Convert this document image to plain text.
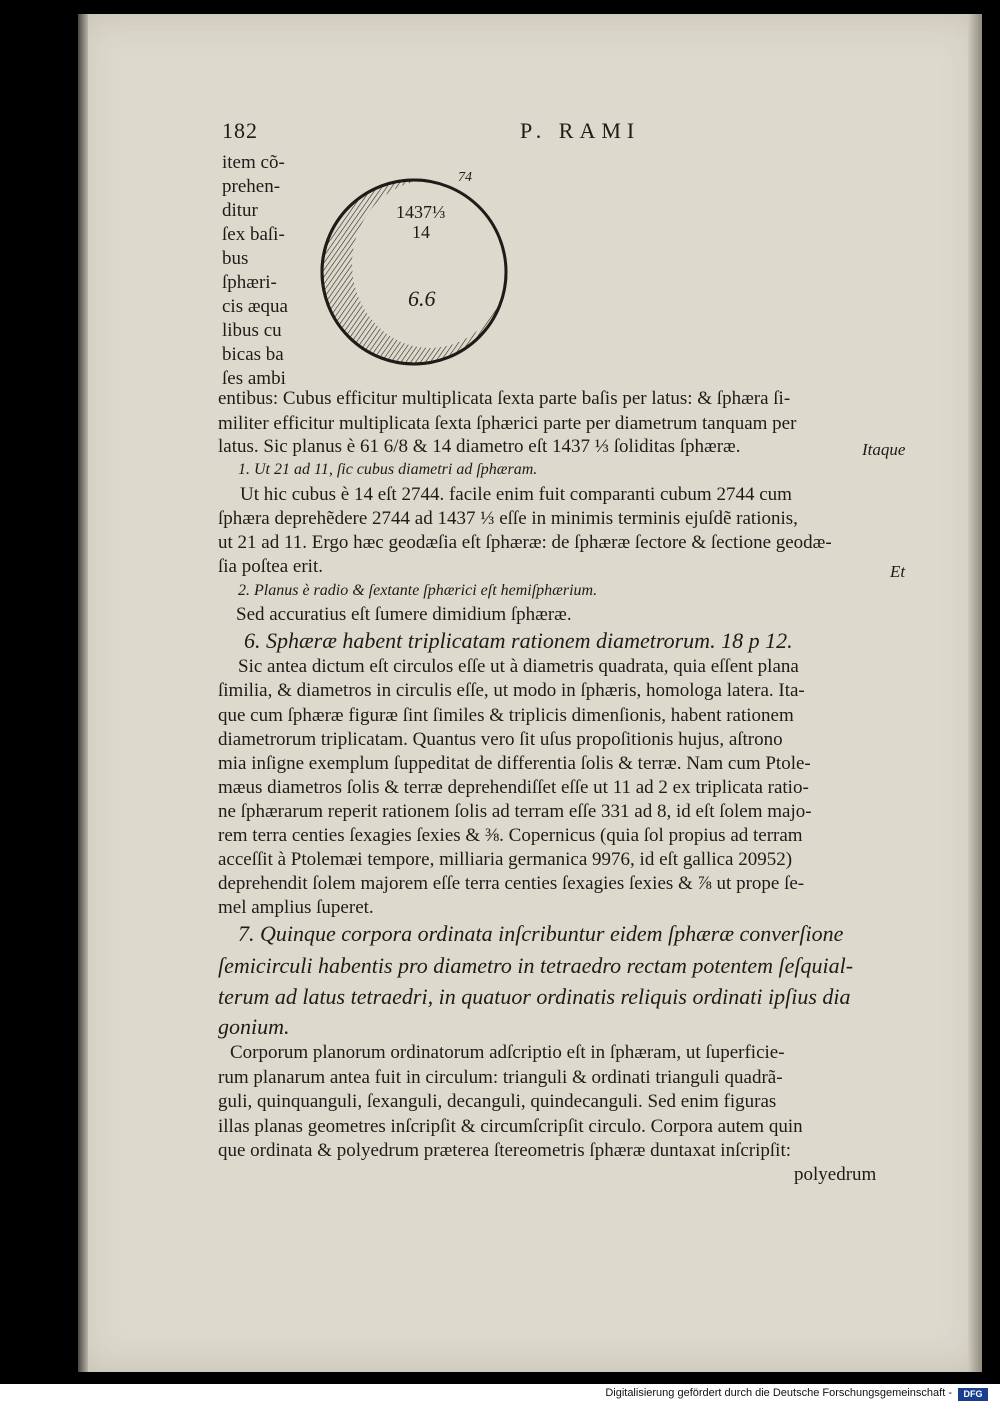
182	P. RAMI
item cõ‑
prehen‑
ditur
ſex baſi‑
bus
ſphæri‑
cis æqua
libus cu
bicas ba
ſes ambi
74
1437⅓
14
6.6
entibus: Cubus efficitur multiplicata ſexta parte baſis per latus: & ſphæra ſi‑
militer efficitur multiplicata ſexta ſphærici parte per diametrum tanquam per
latus. Sic planus è 61 6/8 & 14 diametro eſt 1437 ⅓ ſoliditas ſphæræ.
1. Ut 21 ad 11, ſic cubus diametri ad ſphæram.
Ut hic cubus è 14 eſt 2744. facile enim fuit comparanti cubum 2744 cum
ſphæra deprehẽdere 2744 ad 1437 ⅓ eſſe in minimis terminis ejuſdẽ rationis,
ut 21 ad 11. Ergo hæc geodæſia eſt ſphæræ: de ſphæræ ſectore & ſectione geodæ‑
ſia poſtea erit.
2. Planus è radio & ſextante ſphærici eſt hemiſphærium.
Sed accuratius eſt ſumere dimidium ſphæræ.
6. Sphæræ habent triplicatam rationem diametrorum. 18 p 12.
Sic antea dictum eſt circulos eſſe ut à diametris quadrata, quia eſſent plana
ſimilia, & diametros in circulis eſſe, ut modo in ſphæris, homologa latera. Ita‑
que cum ſphæræ figuræ ſint ſimiles & triplicis dimenſionis, habent rationem
diametrorum triplicatam. Quantus vero ſit uſus propoſitionis hujus, aſtrono
mia inſigne exemplum ſuppeditat de differentia ſolis & terræ. Nam cum Ptole‑
mæus diametros ſolis & terræ deprehendiſſet eſſe ut 11 ad 2 ex triplicata ratio‑
ne ſphærarum reperit rationem ſolis ad terram eſſe 331 ad 8, id eſt ſolem majo‑
rem terra centies ſexagies ſexies & ⅜. Copernicus (quia ſol propius ad terram
acceſſit à Ptolemæi tempore, milliaria germanica 9976, id eſt gallica 20952)
deprehendit ſolem majorem eſſe terra centies ſexagies ſexies & ⅞ ut prope ſe‑
mel amplius ſuperet.
7. Quinque corpora ordinata inſcribuntur eidem ſphæræ converſione
ſemicirculi habentis pro diametro in tetraedro rectam potentem ſeſquial‑
terum ad latus tetraedri, in quatuor ordinatis reliquis ordinati ipſius dia
gonium.
Corporum planorum ordinatorum adſcriptio eſt in ſphæram, ut ſuperficie‑
rum planarum antea fuit in circulum: trianguli & ordinati trianguli quadrã‑
guli, quinquanguli, ſexanguli, decanguli, quindecanguli. Sed enim figuras
illas planas geometres inſcripſit & circumſcripſit circulo. Corpora autem quin
que ordinata & polyedrum præterea ſtereometris ſphæræ duntaxat inſcripſit:
Itaque
Et
polyedrum
Digitalisierung gefördert durch die Deutsche Forschungsgemeinschaft -	DFG
